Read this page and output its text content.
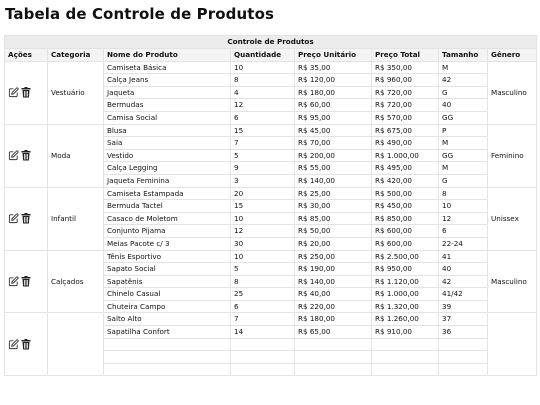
Tabela de Controle de Produtos
Controle de Produtos							
Ações	Categoria	Nome do Produto	Quantidade	Preço Unitário	Preço Total	Tamanho	Gênero

	Vestuário	Camiseta Básica	10	R$ 35,00	R$ 350,00	M	Masculino
		Calça Jeans	8	R$ 120,00	R$ 960,00	42	
		Jaqueta	4	R$ 180,00	R$ 720,00	G	
		Bermudas	12	R$ 60,00	R$ 720,00	40	
		Camisa Social	6	R$ 95,00	R$ 570,00	GG	

	Moda	Blusa	15	R$ 45,00	R$ 675,00	P	Feminino
		Saia	7	R$ 70,00	R$ 490,00	M	
		Vestido	5	R$ 200,00	R$ 1.000,00	GG	
		Calça Legging	9	R$ 55,00	R$ 495,00	M	
		Jaqueta Feminina	3	R$ 140,00	R$ 420,00	G	

	Infantil	Camiseta Estampada	20	R$ 25,00	R$ 500,00	8	Unissex
		Bermuda Tactel	15	R$ 30,00	R$ 450,00	10	
		Casaco de Moletom	10	R$ 85,00	R$ 850,00	12	
		Conjunto Pijama	12	R$ 50,00	R$ 600,00	6	
		Meias Pacote c/ 3	30	R$ 20,00	R$ 600,00	22-24	

	Calçados	Tênis Esportivo	10	R$ 250,00	R$ 2.500,00	41	Masculino
		Sapato Social	5	R$ 190,00	R$ 950,00	40	
		Sapatênis	8	R$ 140,00	R$ 1.120,00	42	
		Chinelo Casual	25	R$ 40,00	R$ 1.000,00	41/42	
		Chuteira Campo	6	R$ 220,00	R$ 1.320,00	39	

		Salto Alto	7	R$ 180,00	R$ 1.260,00	37	
		Sapatilha Confort	14	R$ 65,00	R$ 910,00	36	
